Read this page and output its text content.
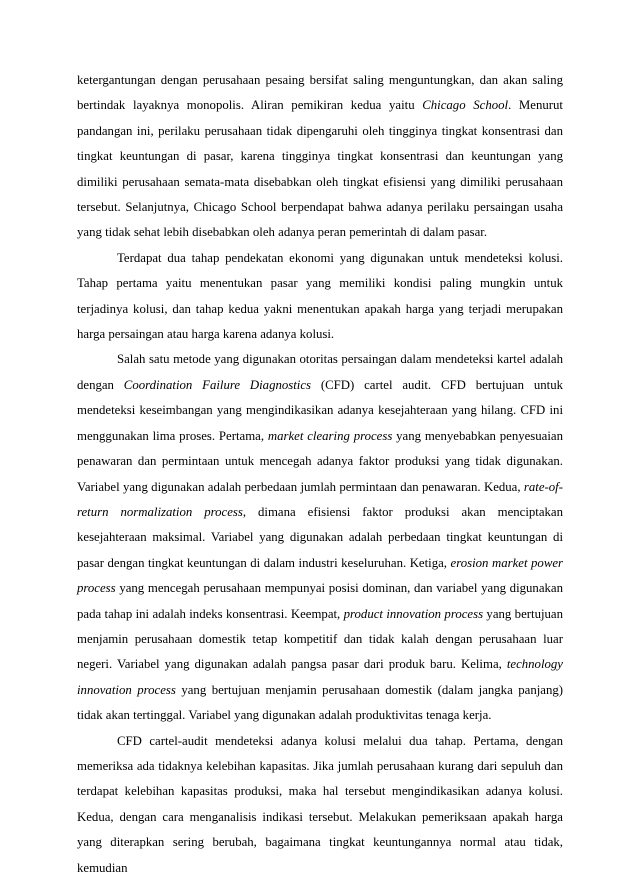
ketergantungan dengan perusahaan pesaing bersifat saling menguntungkan, dan akan saling bertindak layaknya monopolis. Aliran pemikiran kedua yaitu Chicago School. Menurut pandangan ini, perilaku perusahaan tidak dipengaruhi oleh tingginya tingkat konsentrasi dan tingkat keuntungan di pasar, karena tingginya tingkat konsentrasi dan keuntungan yang dimiliki perusahaan semata-mata disebabkan oleh tingkat efisiensi yang dimiliki perusahaan tersebut. Selanjutnya, Chicago School berpendapat bahwa adanya perilaku persaingan usaha yang tidak sehat lebih disebabkan oleh adanya peran pemerintah di dalam pasar.

Terdapat dua tahap pendekatan ekonomi yang digunakan untuk mendeteksi kolusi. Tahap pertama yaitu menentukan pasar yang memiliki kondisi paling mungkin untuk terjadinya kolusi, dan tahap kedua yakni menentukan apakah harga yang terjadi merupakan harga persaingan atau harga karena adanya kolusi.

Salah satu metode yang digunakan otoritas persaingan dalam mendeteksi kartel adalah dengan Coordination Failure Diagnostics (CFD) cartel audit. CFD bertujuan untuk mendeteksi keseimbangan yang mengindikasikan adanya kesejahteraan yang hilang. CFD ini menggunakan lima proses. Pertama, market clearing process yang menyebabkan penyesuaian penawaran dan permintaan untuk mencegah adanya faktor produksi yang tidak digunakan. Variabel yang digunakan adalah perbedaan jumlah permintaan dan penawaran. Kedua, rate-of-return normalization process, dimana efisiensi faktor produksi akan menciptakan kesejahteraan maksimal. Variabel yang digunakan adalah perbedaan tingkat keuntungan di pasar dengan tingkat keuntungan di dalam industri keseluruhan. Ketiga, erosion market power process yang mencegah perusahaan mempunyai posisi dominan, dan variabel yang digunakan pada tahap ini adalah indeks konsentrasi. Keempat, product innovation process yang bertujuan menjamin perusahaan domestik tetap kompetitif dan tidak kalah dengan perusahaan luar negeri. Variabel yang digunakan adalah pangsa pasar dari produk baru. Kelima, technology innovation process yang bertujuan menjamin perusahaan domestik (dalam jangka panjang) tidak akan tertinggal. Variabel yang digunakan adalah produktivitas tenaga kerja.

CFD cartel-audit mendeteksi adanya kolusi melalui dua tahap. Pertama, dengan memeriksa ada tidaknya kelebihan kapasitas. Jika jumlah perusahaan kurang dari sepuluh dan terdapat kelebihan kapasitas produksi, maka hal tersebut mengindikasikan adanya kolusi. Kedua, dengan cara menganalisis indikasi tersebut. Melakukan pemeriksaan apakah harga yang diterapkan sering berubah, bagaimana tingkat keuntungannya normal atau tidak, kemudian
